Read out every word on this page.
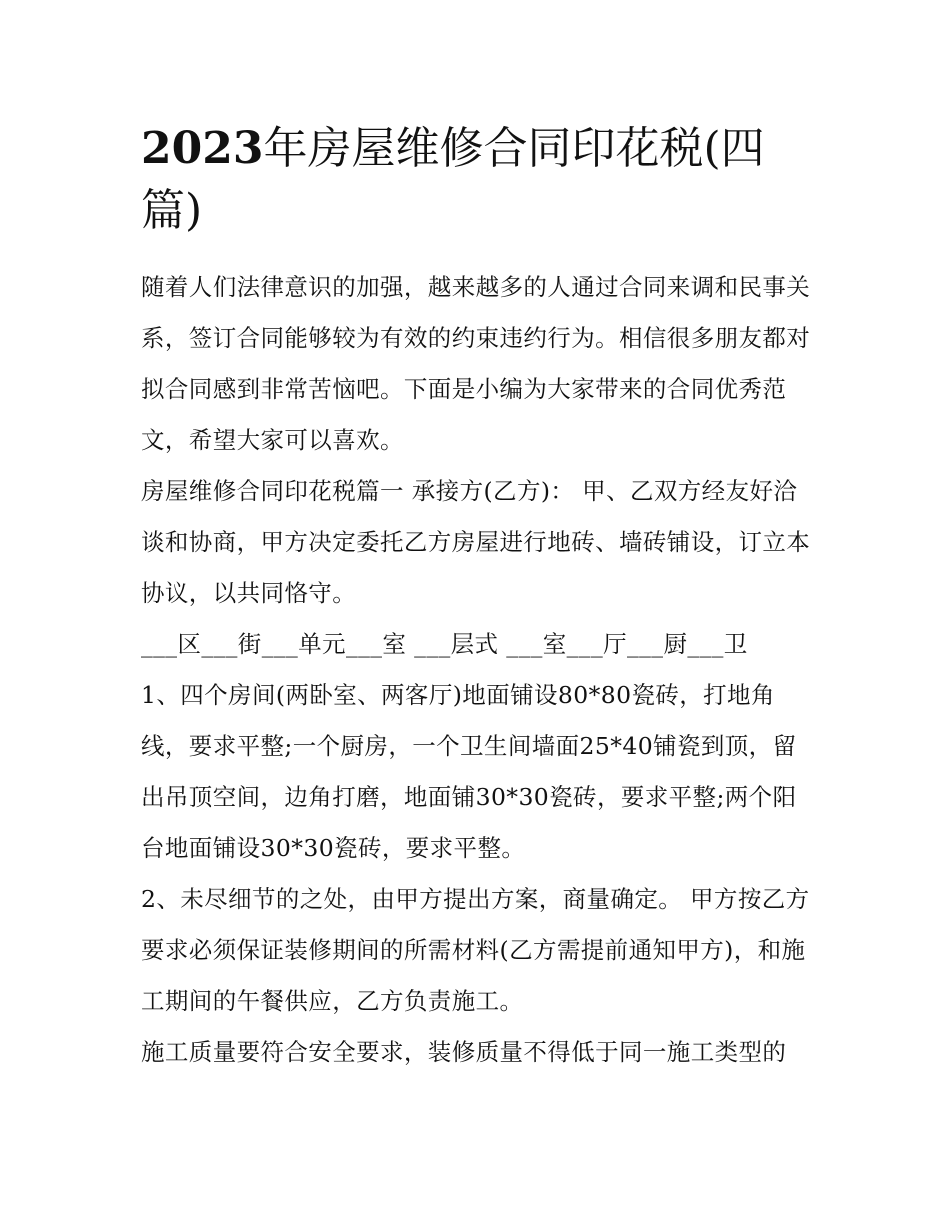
2023年房屋维修合同印花税(四篇)

随着人们法律意识的加强，越来越多的人通过合同来调和民事关系，签订合同能够较为有效的约束违约行为。相信很多朋友都对拟合同感到非常苦恼吧。下面是小编为大家带来的合同优秀范文，希望大家可以喜欢。

房屋维修合同印花税篇一 承接方(乙方)： 甲、乙双方经友好洽谈和协商，甲方决定委托乙方房屋进行地砖、墙砖铺设，订立本协议，以共同恪守。

___区___街___单元___室 ___层式 ___室___厅___厨___卫

1、四个房间(两卧室、两客厅)地面铺设80*80瓷砖，打地角线，要求平整;一个厨房，一个卫生间墙面25*40铺瓷到顶，留出吊顶空间，边角打磨，地面铺30*30瓷砖，要求平整;两个阳台地面铺设30*30瓷砖，要求平整。

2、未尽细节的之处，由甲方提出方案，商量确定。 甲方按乙方要求必须保证装修期间的所需材料(乙方需提前通知甲方)，和施工期间的午餐供应，乙方负责施工。

施工质量要符合安全要求，装修质量不得低于同一施工类型的
